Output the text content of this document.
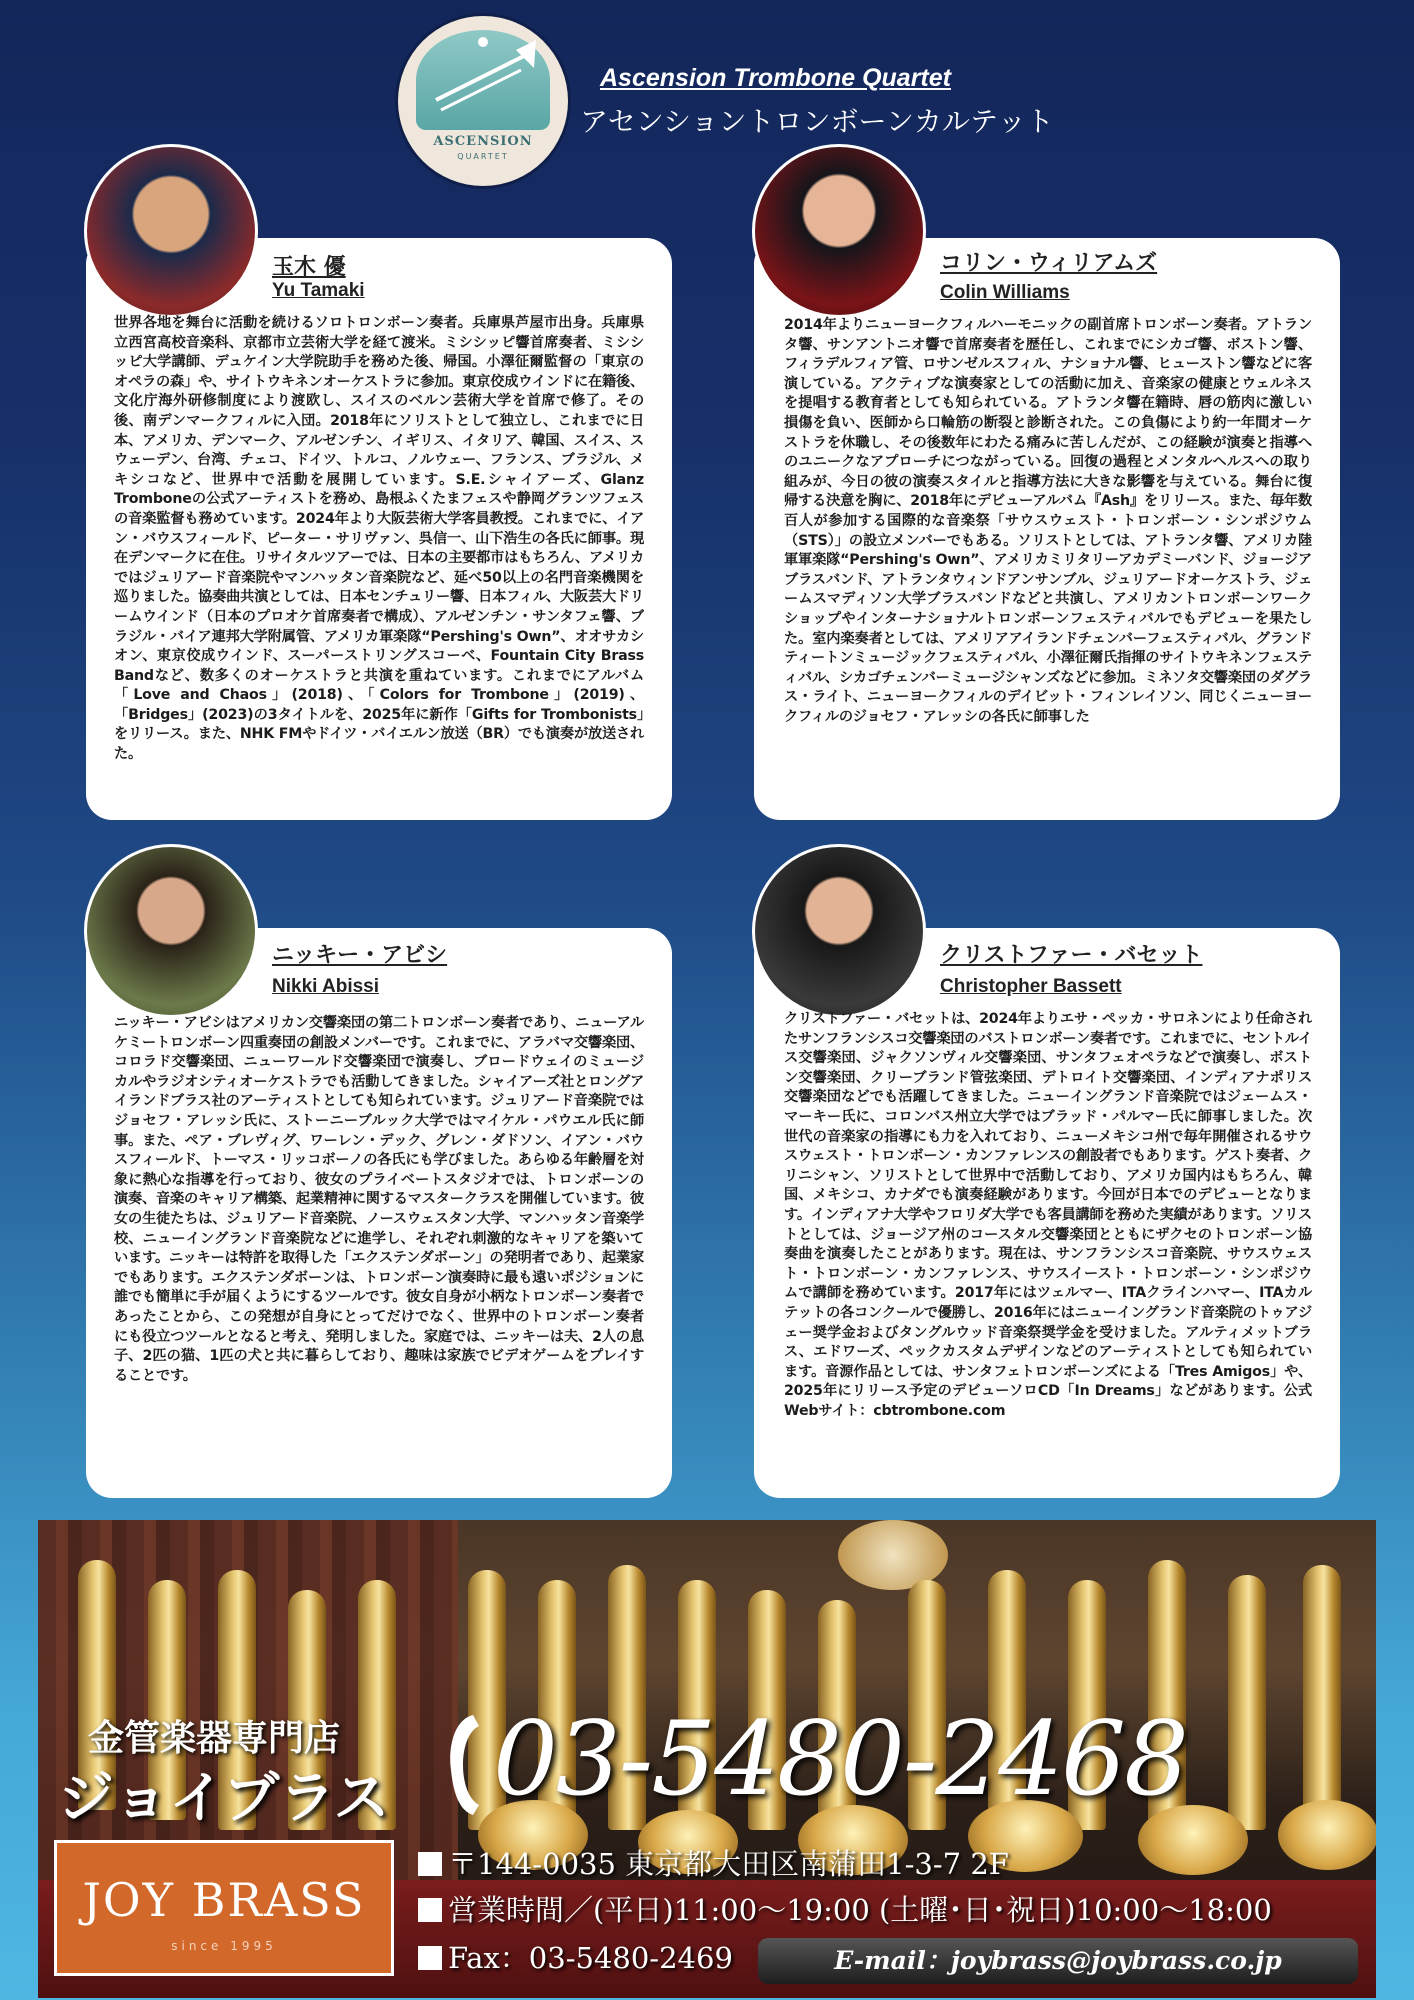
ASCENSION
QUARTET
Ascension Trombone Quartet
アセンショントロンボーンカルテット
玉木 優
Yu Tamaki
世界各地を舞台に活動を続けるソロトロンボーン奏者。兵庫県芦屋市出身。兵庫県立西宮高校音楽科、京都市立芸術大学を経て渡米。ミシシッピ響首席奏者、ミシシッピ大学講師、デュケイン大学院助手を務めた後、帰国。小澤征爾監督の「東京のオペラの森」や、サイトウキネンオーケストラに参加。東京佼成ウインドに在籍後、文化庁海外研修制度により渡欧し、スイスのベルン芸術大学を首席で修了。その後、南デンマークフィルに入団。2018年にソリストとして独立し、これまでに日本、アメリカ、デンマーク、アルゼンチン、イギリス、イタリア、韓国、スイス、スウェーデン、台湾、チェコ、ドイツ、トルコ、ノルウェー、フランス、ブラジル、メキシコなど、世界中で活動を展開しています。S.E.シャイアーズ、Glanz Tromboneの公式アーティストを務め、島根ふくたまフェスや静岡グランツフェスの音楽監督も務めています。2024年より大阪芸術大学客員教授。これまでに、イアン・バウスフィールド、ピーター・サリヴァン、呉信一、山下浩生の各氏に師事。現在デンマークに在住。リサイタルツアーでは、日本の主要都市はもちろん、アメリカではジュリアード音楽院やマンハッタン音楽院など、延べ50以上の名門音楽機関を巡りました。協奏曲共演としては、日本センチュリー響、日本フィル、大阪芸大ドリームウインド（日本のプロオケ首席奏者で構成）、アルゼンチン・サンタフェ響、ブラジル・バイア連邦大学附属管、アメリカ軍楽隊“Pershing's Own”、オオサカシオン、東京佼成ウインド、スーパーストリングスコーベ、Fountain City Brass Bandなど、数多くのオーケストラと共演を重ねています。これまでにアルバム「Love and Chaos」(2018)、「Colors for Trombone」(2019)、「Bridges」(2023)の3タイトルを、2025年に新作「Gifts for Trombonists」をリリース。また、NHK FMやドイツ・バイエルン放送（BR）でも演奏が放送された。
コリン・ウィリアムズ
Colin Williams
2014年よりニューヨークフィルハーモニックの副首席トロンボーン奏者。アトランタ響、サンアントニオ響で首席奏者を歴任し、これまでにシカゴ響、ボストン響、フィラデルフィア管、ロサンゼルスフィル、ナショナル響、ヒューストン響などに客演している。アクティブな演奏家としての活動に加え、音楽家の健康とウェルネスを提唱する教育者としても知られている。アトランタ響在籍時、唇の筋肉に激しい損傷を負い、医師から口輪筋の断裂と診断された。この負傷により約一年間オーケストラを休職し、その後数年にわたる痛みに苦しんだが、この経験が演奏と指導へのユニークなアプローチにつながっている。回復の過程とメンタルヘルスへの取り組みが、今日の彼の演奏スタイルと指導方法に大きな影響を与えている。舞台に復帰する決意を胸に、2018年にデビューアルバム『Ash』をリリース。また、毎年数百人が参加する国際的な音楽祭「サウスウェスト・トロンボーン・シンポジウム（STS）」の設立メンバーでもある。ソリストとしては、アトランタ響、アメリカ陸軍軍楽隊“Pershing's Own”、アメリカミリタリーアカデミーバンド、ジョージアブラスバンド、アトランタウィンドアンサンブル、ジュリアードオーケストラ、ジェームスマディソン大学ブラスバンドなどと共演し、アメリカントロンボーンワークショップやインターナショナルトロンボーンフェスティバルでもデビューを果たした。室内楽奏者としては、アメリアアイランドチェンバーフェスティバル、グランドティートンミュージックフェスティバル、小澤征爾氏指揮のサイトウキネンフェスティバル、シカゴチェンバーミュージシャンズなどに参加。ミネソタ交響楽団のダグラス・ライト、ニューヨークフィルのデイビット・フィンレイソン、同じくニューヨークフィルのジョセフ・アレッシの各氏に師事した
ニッキー・アビシ
Nikki Abissi
ニッキー・アビシはアメリカン交響楽団の第二トロンボーン奏者であり、ニューアルケミートロンボーン四重奏団の創設メンバーです。これまでに、アラバマ交響楽団、コロラド交響楽団、ニューワールド交響楽団で演奏し、ブロードウェイのミュージカルやラジオシティオーケストラでも活動してきました。シャイアーズ社とロングアイランドブラス社のアーティストとしても知られています。ジュリアード音楽院ではジョセフ・アレッシ氏に、ストーニーブルック大学ではマイケル・パウエル氏に師事。また、ペア・ブレヴィグ、ワーレン・デック、グレン・ダドソン、イアン・バウスフィールド、トーマス・リッコボーノの各氏にも学びました。あらゆる年齢層を対象に熱心な指導を行っており、彼女のプライベートスタジオでは、トロンボーンの演奏、音楽のキャリア構築、起業精神に関するマスタークラスを開催しています。彼女の生徒たちは、ジュリアード音楽院、ノースウェスタン大学、マンハッタン音楽学校、ニューイングランド音楽院などに進学し、それぞれ刺激的なキャリアを築いています。ニッキーは特許を取得した「エクステンダボーン」の発明者であり、起業家でもあります。エクステンダボーンは、トロンボーン演奏時に最も遠いポジションに誰でも簡単に手が届くようにするツールです。彼女自身が小柄なトロンボーン奏者であったことから、この発想が自身にとってだけでなく、世界中のトロンボーン奏者にも役立つツールとなると考え、発明しました。家庭では、ニッキーは夫、2人の息子、2匹の猫、1匹の犬と共に暮らしており、趣味は家族でビデオゲームをプレイすることです。
クリストファー・バセット
Christopher Bassett
クリストファー・バセットは、2024年よりエサ・ペッカ・サロネンにより任命されたサンフランシスコ交響楽団のバストロンボーン奏者です。これまでに、セントルイス交響楽団、ジャクソンヴィル交響楽団、サンタフェオペラなどで演奏し、ボストン交響楽団、クリーブランド管弦楽団、デトロイト交響楽団、インディアナポリス交響楽団などでも活躍してきました。ニューイングランド音楽院ではジェームス・マーキー氏に、コロンバス州立大学ではブラッド・パルマー氏に師事しました。次世代の音楽家の指導にも力を入れており、ニューメキシコ州で毎年開催されるサウスウェスト・トロンボーン・カンファレンスの創設者でもあります。ゲスト奏者、クリニシャン、ソリストとして世界中で活動しており、アメリカ国内はもちろん、韓国、メキシコ、カナダでも演奏経験があります。今回が日本でのデビューとなります。インディアナ大学やフロリダ大学でも客員講師を務めた実績があります。ソリストとしては、ジョージア州のコースタル交響楽団とともにザクセのトロンボーン協奏曲を演奏したことがあります。現在は、サンフランシスコ音楽院、サウスウェスト・トロンボーン・カンファレンス、サウスイースト・トロンボーン・シンポジウムで講師を務めています。2017年にはツェルマー、ITAクラインハマー、ITAカルテットの各コンクールで優勝し、2016年にはニューイングランド音楽院のトゥアジェー奨学金およびタングルウッド音楽祭奨学金を受けました。アルティメットブラス、エドワーズ、ペックカスタムデザインなどのアーティストとしても知られています。音源作品としては、サンタフェトロンボーンズによる「Tres Amigos」や、2025年にリリース予定のデビューソロCD「In Dreams」などがあります。公式Webサイト：cbtrombone.com
金管楽器専門店
ジョイブラス 03-5480-2468
JOY BRASS
since 1995
〒144-0035 東京都大田区南蒲田1-3-7 2F
営業時間／(平日)11:00～19:00 (土曜･日･祝日)10:00～18:00
Fax：03-5480-2469	E-mail：joybrass@joybrass.co.jp
